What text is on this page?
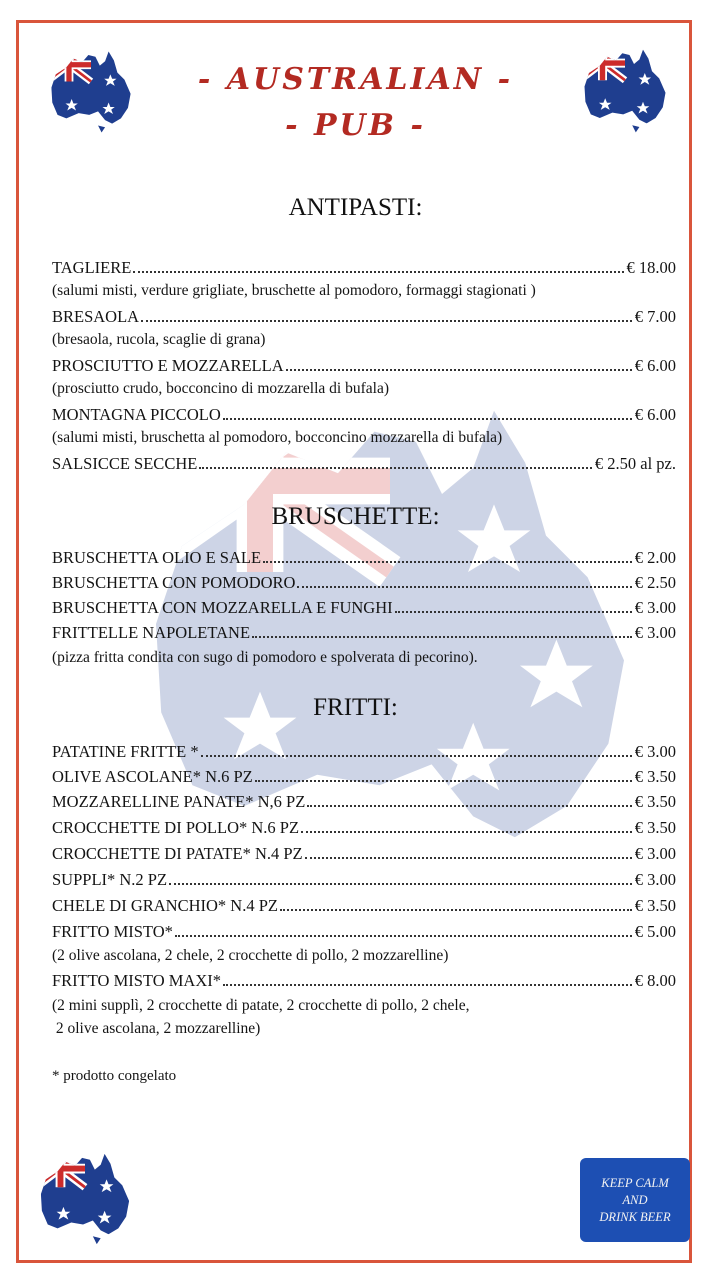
- AUSTRALIAN -
- PUB -
ANTIPASTI:
TAGLIERE	€ 18.00
(salumi misti, verdure grigliate, bruschette al pomodoro, formaggi stagionati )
BRESAOLA	€ 7.00
(bresaola, rucola, scaglie di grana)
PROSCIUTTO E MOZZARELLA	€ 6.00
(prosciutto crudo, bocconcino di mozzarella di bufala)
MONTAGNA PICCOLO	€ 6.00
(salumi misti, bruschetta al pomodoro, bocconcino mozzarella di bufala)
SALSICCE SECCHE	€ 2.50 al pz.
BRUSCHETTE:
BRUSCHETTA OLIO E SALE	€ 2.00
BRUSCHETTA CON POMODORO	€ 2.50
BRUSCHETTA CON MOZZARELLA E FUNGHI	€ 3.00
FRITTELLE NAPOLETANE	€ 3.00
(pizza fritta condita con sugo di pomodoro e spolverata di pecorino).
FRITTI:
PATATINE FRITTE *	€ 3.00
OLIVE ASCOLANE* N.6 PZ	€ 3.50
MOZZARELLINE PANATE* N,6 PZ	€ 3.50
CROCCHETTE DI POLLO* N.6 PZ	€ 3.50
CROCCHETTE DI PATATE* N.4 PZ	€ 3.00
SUPPLI* N.2 PZ	€ 3.00
CHELE DI GRANCHIO* N.4 PZ	€ 3.50
FRITTO MISTO*	€ 5.00
(2 olive ascolana, 2 chele, 2 crocchette di pollo, 2 mozzarelline)
FRITTO MISTO MAXI*	€ 8.00
(2 mini supplì, 2 crocchette di patate, 2 crocchette di pollo, 2 chele,
2 olive ascolana, 2 mozzarelline)
* prodotto congelato
KEEP CALM
AND
DRINK BEER
